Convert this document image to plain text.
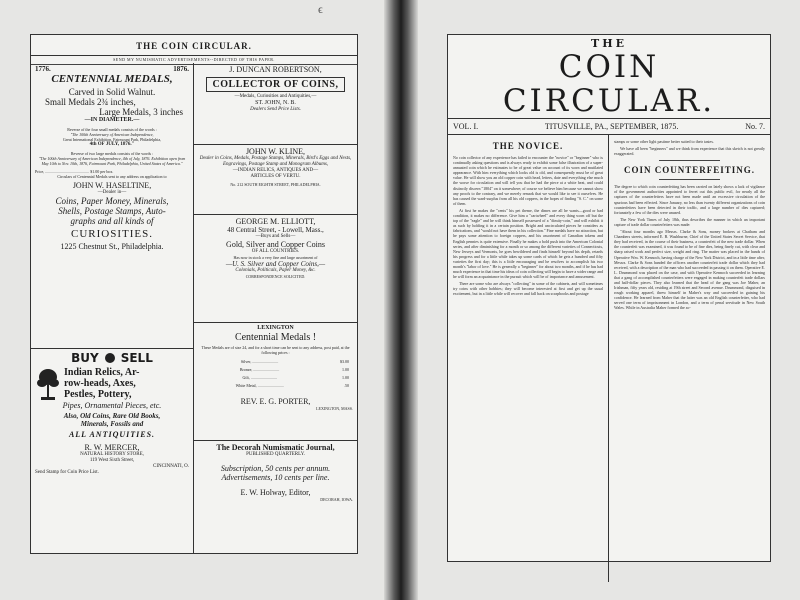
ϵ
THE COIN CIRCULAR.
SEND MY NUMISMATIC ADVERTISEMENTS--DIRECTED OF THIS PAPER.
1776.	1876.
CENTENNIAL MEDALS,
Carved in Solid Walnut.
Small Medals 2¾ inches,
Large Medals, 3 inches
—IN DIAMETER.—
Reverse of the four small medals consists of the words :
"The 100th Anniversary of American Independence,
Great International Exhibition, Fairmount Park, Philadelphia,
4th OF JULY, 1876."
Reverse of two large medals consists of the words :
"The 100th Anniversary of American Independence, 4th of July, 1876. Exhibition open from May 10th to Nov. 10th, 1876, Fairmount Park, Philadelphia, United States of America."
Price, ............................................ $1.00 per box.
Circulars of Centennial Medals sent to any address on application to
JOHN W. HASELTINE,
—Dealer in—
Coins, Paper Money, Minerals,
Shells, Postage Stamps, Auto-
graphs and all kinds of
CURIOSITIES.
1225 Chestnut St., Philadelphia.
BUY SELL
Indian Relics, Ar-
row-heads, Axes,
Pestles, Pottery,
Pipes, Ornamental Pieces, etc.
Also, Old Coins, Rare Old Books,
Minerals, Fossils and
ALL ANTIQUITIES.
R. W. MERCER,
NATURAL HISTORY STORE,
119 West Sixth Street,
CINCINNATI, O.
Send Stamp for Coin Price List.
J. DUNCAN ROBERTSON,
COLLECTOR OF COINS,
—Medals, Curiosities and Antiquities,—
ST. JOHN, N. B.
Dealers Send Price Lists.
JOHN W. KLINE,
Dealer in Coins, Medals, Postage Stamps, Minerals, Bird's Eggs and Nests, Engravings, Postage Stamp and Monogram Albums,
—INDIAN RELICS, ANTIQUES AND—
ARTICLES OF VERTU.
No. 212 SOUTH EIGHTH STREET, PHILADELPHIA.
GEORGE M. ELLIOTT,
48 Central Street, - Lowell, Mass.,
—Buys and Sells—
Gold, Silver and Copper Coins
OF ALL COUNTRIES.
Has now in stock a very fine and large assortment of
—U. S. Silver and Copper Coins,—
Colonials, Politicals, Paper Money, &c.
CORRESPONDENCE SOLICITED.
LEXINGTON
Centennial Medals !
These Medals are of size 24, and for a short time can be sent to any address, post paid, at the following prices :
Silver, ..........................	$3.00
Bronze, ..........................	1.00
Gilt, ..........................	1.00
White Metal, ..........................	.50
REV. E. G. PORTER,
LEXINGTON, MASS.
The Decorah Numismatic Journal,
PUBLISHED QUARTERLY.
Subscription, 50 cents per annum.
Advertisements, 10 cents per line.
E. W. Holway, Editor,
DECORAH, IOWA.
THE
COIN CIRCULAR.
VOL. I.	TITUSVILLE, PA., SEPTEMBER, 1875.	No. 7.
THE NOVICE.

No coin collector of any experience has failed to encounter the "novice" or "beginner" who is continually asking questions and is always ready to exhibit some false illustration of a super-annuated coin which he estimates to be of great value on account of its worn and mutilated appearance. With him everything which looks old is old, and consequently must be of great value. He will show you an old copper coin with head, letters, date and everything else much the worse for circulation and will tell you that he had the piece at a white heat, and could distinctly discern "1804" on it somewhere; of course we believe him because we cannot show any proofs to the contrary, and we merely remark that we would like to see it ourselves. He has caused the ward-surplus from all his old coppers, in the hopes of finding "S. C." on some of them.

At first he makes the "cents" his pet theme, the dimes are all he wants—good or bad condition, it makes no difference. Give him a "cartwheel" and every thing worn off but the top of the "eagle" and he will think himself possessed of a "dimity-coin," and will exhibit it as such by holding it in a certain position. Bright and uncirculated pieces he considers as fabrications, and "would not have them in his collection." Fine medals have no attraction, but he pays some attention to foreign coppers, and his assortment of Canadian tokens and English pennies is quite extensive. Finally he makes a bold push into the American Colonial series, and after diminishing for a month or so among the different varieties of Connecticuts, New Jerseys and Vermonts, he goes bewildered and finds himself beyond his depth, retards his progress and for a little while takes up some cards of which he gets a hundred and fifty varieties the first day; this is a little encouraging and he resolves to accomplish his two month's "labor of love." He is generally a "beginner" for about two months, and if he has had much experience in that time his ideas of coin collecting will begin to have a wider range and he will form an acquaintance in the pursuit which will be of importance and amusement.

There are some who are always "collecting" in some of the cabinets, and will sometimes try coins with other hobbies; they will become interested at first and get up the usual excitement, but in a little while will recover and fall back on scrapbooks and postage

stamps or some other light pastime better suited to their tastes.

We have all been "beginners" and we think from experience that this sketch is not greatly exaggerated.

COIN COUNTERFEITING.

The degree to which coin counterfeiting has been carried on lately shows a lack of vigilance of the government authorities appointed to ferret out this public evil, for nearly all the captures of the counterfeiters have not been made until an excessive circulation of the spurious had been effected. Since January, no less than twenty different organizations of coin counterfeiters have been detected in their traffic, and a large number of dies captured; fortunately a few of the dies were unused.

The New York Times of July 18th, thus describes the manner in which an important capture of trade dollar counterfeiters was made:

"About four months ago Messrs. Clarke & Sons, money brokers at Chatham and Chambers streets, informed E. B. Washburne, Chief of the United States Secret Service, that they had received, in the course of their business, a counterfeit of the new trade dollar. When the counterfeit was examined, it was found to be of fine dies, being finely cut, with clear and sharp raised work and perfect size, weight and ring. The matter was placed in the hands of Operative Wm. W. Kennoch, having charge of the New York District, and in a little time after, Messrs. Clarke & Sons handed the officers another counterfeit trade dollar which they had received, with a description of the man who had succeeded in passing it on them. Operative E. L. Drummond was placed on the case, and with Operative Kennoch succeeded in learning that a gang of accomplished counterfeiters were engaged in making counterfeit trade dollars and half-dollar pieces. They also learned that the head of the gang was Joe Maher, an Irishman, fifty years old, residing at 19th street and Second avenue. Drummond, disguised in rough working apparel, threw himself in Maher's way and succeeded in gaining his confidence. He learned from Maher that the latter was an old English counterfeiter, who had served one term of imprisonment in London, and a term of penal servitude in New South Wales. While in Australia Maher formed the ac-
